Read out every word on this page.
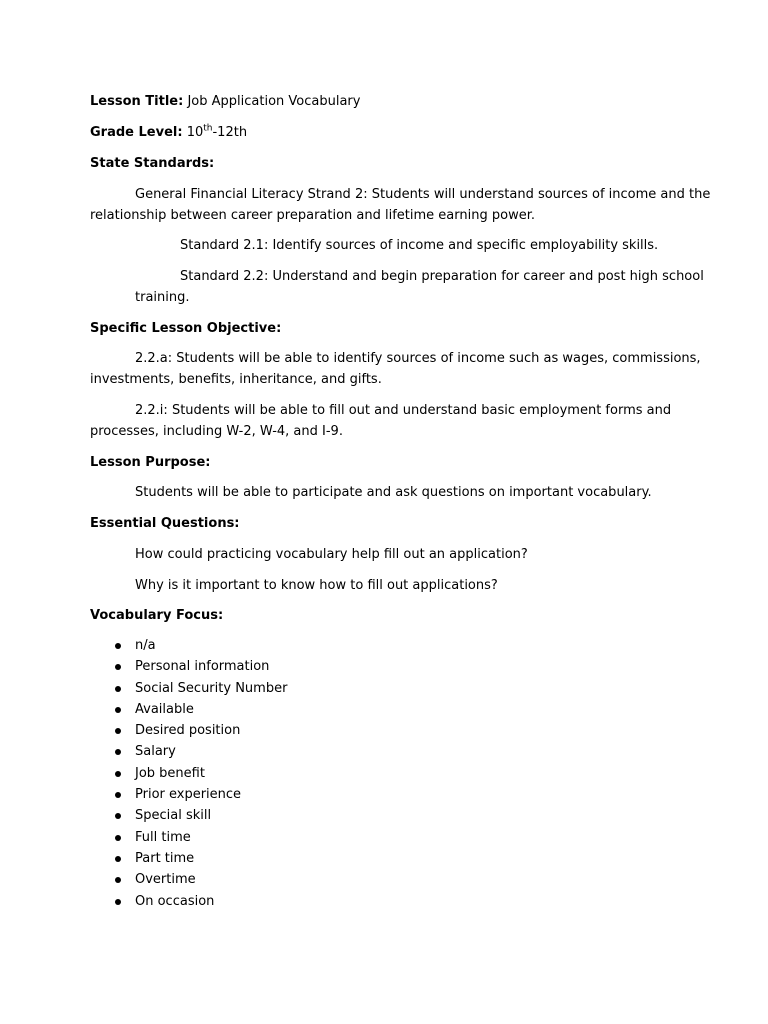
Lesson Title: Job Application Vocabulary
Grade Level: 10th-12th
State Standards:
General Financial Literacy Strand 2: Students will understand sources of income and the
relationship between career preparation and lifetime earning power.
Standard 2.1: Identify sources of income and specific employability skills.
Standard 2.2: Understand and begin preparation for career and post high school
training.
Specific Lesson Objective:
2.2.a: Students will be able to identify sources of income such as wages, commissions,
investments, benefits, inheritance, and gifts.
2.2.i: Students will be able to fill out and understand basic employment forms and
processes, including W-2, W-4, and I-9.
Lesson Purpose:
Students will be able to participate and ask questions on important vocabulary.
Essential Questions:
How could practicing vocabulary help fill out an application?
Why is it important to know how to fill out applications?
Vocabulary Focus:
n/a
Personal information
Social Security Number
Available
Desired position
Salary
Job benefit
Prior experience
Special skill
Full time
Part time
Overtime
On occasion
